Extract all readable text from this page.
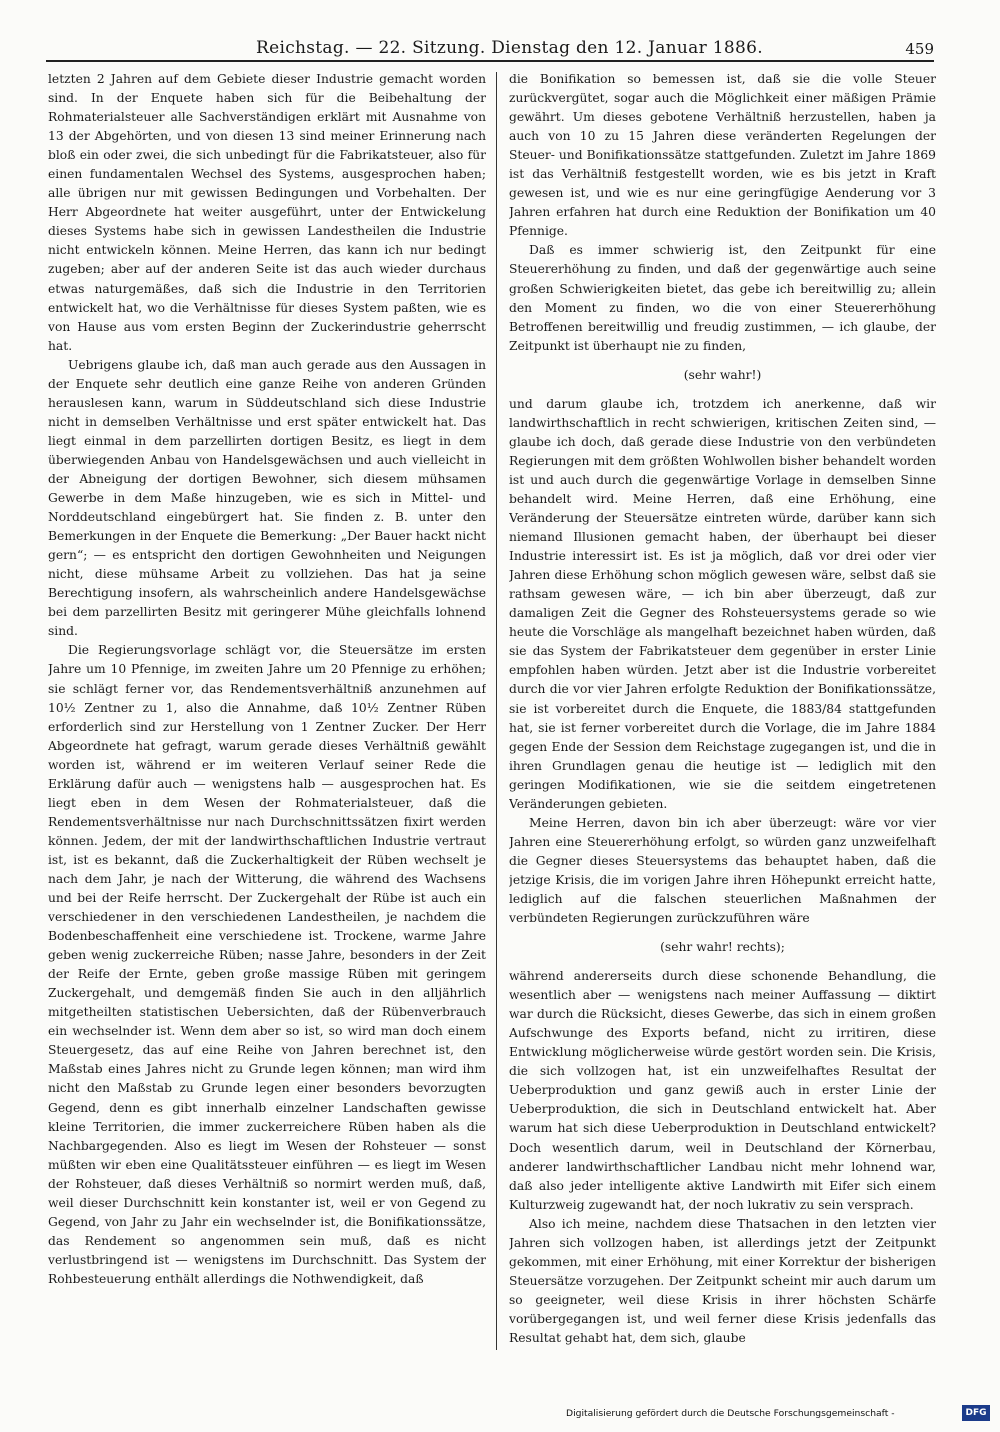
Reichstag. — 22. Sitzung. Dienstag den 12. Januar 1886.	459

letzten 2 Jahren auf dem Gebiete dieser Industrie gemacht worden sind. In der Enquete haben sich für die Beibehaltung der Rohmaterialsteuer alle Sachverständigen erklärt mit Ausnahme von 13 der Abgehörten, und von diesen 13 sind meiner Erinnerung nach bloß ein oder zwei, die sich unbedingt für die Fabrikatsteuer, also für einen fundamentalen Wechsel des Systems, ausgesprochen haben; alle übrigen nur mit gewissen Bedingungen und Vorbehalten. Der Herr Abgeordnete hat weiter ausgeführt, unter der Entwickelung dieses Systems habe sich in gewissen Landestheilen die Industrie nicht entwickeln können. Meine Herren, das kann ich nur bedingt zugeben; aber auf der anderen Seite ist das auch wieder durchaus etwas naturgemäßes, daß sich die Industrie in den Territorien entwickelt hat, wo die Verhältnisse für dieses System paßten, wie es von Hause aus vom ersten Beginn der Zuckerindustrie geherrscht hat.

Uebrigens glaube ich, daß man auch gerade aus den Aussagen in der Enquete sehr deutlich eine ganze Reihe von anderen Gründen herauslesen kann, warum in Süddeutschland sich diese Industrie nicht in demselben Verhältnisse und erst später entwickelt hat. Das liegt einmal in dem parzellirten dortigen Besitz, es liegt in dem überwiegenden Anbau von Handelsgewächsen und auch vielleicht in der Abneigung der dortigen Bewohner, sich diesem mühsamen Gewerbe in dem Maße hinzugeben, wie es sich in Mittel- und Norddeutschland eingebürgert hat. Sie finden z. B. unter den Bemerkungen in der Enquete die Bemerkung: „Der Bauer hackt nicht gern“; — es entspricht den dortigen Gewohnheiten und Neigungen nicht, diese mühsame Arbeit zu vollziehen. Das hat ja seine Berechtigung insofern, als wahrscheinlich andere Handelsgewächse bei dem parzellirten Besitz mit geringerer Mühe gleichfalls lohnend sind.

Die Regierungsvorlage schlägt vor, die Steuersätze im ersten Jahre um 10 Pfennige, im zweiten Jahre um 20 Pfennige zu erhöhen; sie schlägt ferner vor, das Rendementsverhältniß anzunehmen auf 10½ Zentner zu 1, also die Annahme, daß 10½ Zentner Rüben erforderlich sind zur Herstellung von 1 Zentner Zucker. Der Herr Abgeordnete hat gefragt, warum gerade dieses Verhältniß gewählt worden ist, während er im weiteren Verlauf seiner Rede die Erklärung dafür auch — wenigstens halb — ausgesprochen hat. Es liegt eben in dem Wesen der Rohmaterialsteuer, daß die Rendementsverhältnisse nur nach Durchschnittssätzen fixirt werden können. Jedem, der mit der landwirthschaftlichen Industrie vertraut ist, ist es bekannt, daß die Zuckerhaltigkeit der Rüben wechselt je nach dem Jahr, je nach der Witterung, die während des Wachsens und bei der Reife herrscht. Der Zuckergehalt der Rübe ist auch ein verschiedener in den verschiedenen Landestheilen, je nachdem die Bodenbeschaffenheit eine verschiedene ist. Trockene, warme Jahre geben wenig zuckerreiche Rüben; nasse Jahre, besonders in der Zeit der Reife der Ernte, geben große massige Rüben mit geringem Zuckergehalt, und demgemäß finden Sie auch in den alljährlich mitgetheilten statistischen Uebersichten, daß der Rübenverbrauch ein wechselnder ist. Wenn dem aber so ist, so wird man doch einem Steuergesetz, das auf eine Reihe von Jahren berechnet ist, den Maßstab eines Jahres nicht zu Grunde legen können; man wird ihm nicht den Maßstab zu Grunde legen einer besonders bevorzugten Gegend, denn es gibt innerhalb einzelner Landschaften gewisse kleine Territorien, die immer zuckerreichere Rüben haben als die Nachbargegenden. Also es liegt im Wesen der Rohsteuer — sonst müßten wir eben eine Qualitätssteuer einführen — es liegt im Wesen der Rohsteuer, daß dieses Verhältniß so normirt werden muß, daß, weil dieser Durchschnitt kein konstanter ist, weil er von Gegend zu Gegend, von Jahr zu Jahr ein wechselnder ist, die Bonifikationssätze, das Rendement so angenommen sein muß, daß es nicht verlustbringend ist — wenigstens im Durchschnitt. Das System der Rohbesteuerung enthält allerdings die Nothwendigkeit, daß

die Bonifikation so bemessen ist, daß sie die volle Steuer zurückvergütet, sogar auch die Möglichkeit einer mäßigen Prämie gewährt. Um dieses gebotene Verhältniß herzustellen, haben ja auch von 10 zu 15 Jahren diese veränderten Regelungen der Steuer- und Bonifikationssätze stattgefunden. Zuletzt im Jahre 1869 ist das Verhältniß festgestellt worden, wie es bis jetzt in Kraft gewesen ist, und wie es nur eine geringfügige Aenderung vor 3 Jahren erfahren hat durch eine Reduktion der Bonifikation um 40 Pfennige.

Daß es immer schwierig ist, den Zeitpunkt für eine Steuererhöhung zu finden, und daß der gegenwärtige auch seine großen Schwierigkeiten bietet, das gebe ich bereitwillig zu; allein den Moment zu finden, wo die von einer Steuererhöhung Betroffenen bereitwillig und freudig zustimmen, — ich glaube, der Zeitpunkt ist überhaupt nie zu finden,

(sehr wahr!)

und darum glaube ich, trotzdem ich anerkenne, daß wir landwirthschaftlich in recht schwierigen, kritischen Zeiten sind, — glaube ich doch, daß gerade diese Industrie von den verbündeten Regierungen mit dem größten Wohlwollen bisher behandelt worden ist und auch durch die gegenwärtige Vorlage in demselben Sinne behandelt wird. Meine Herren, daß eine Erhöhung, eine Veränderung der Steuersätze eintreten würde, darüber kann sich niemand Illusionen gemacht haben, der überhaupt bei dieser Industrie interessirt ist. Es ist ja möglich, daß vor drei oder vier Jahren diese Erhöhung schon möglich gewesen wäre, selbst daß sie rathsam gewesen wäre, — ich bin aber überzeugt, daß zur damaligen Zeit die Gegner des Rohsteuersystems gerade so wie heute die Vorschläge als mangelhaft bezeichnet haben würden, daß sie das System der Fabrikatsteuer dem gegenüber in erster Linie empfohlen haben würden. Jetzt aber ist die Industrie vorbereitet durch die vor vier Jahren erfolgte Reduktion der Bonifikationssätze, sie ist vorbereitet durch die Enquete, die 1883/84 stattgefunden hat, sie ist ferner vorbereitet durch die Vorlage, die im Jahre 1884 gegen Ende der Session dem Reichstage zugegangen ist, und die in ihren Grundlagen genau die heutige ist — lediglich mit den geringen Modifikationen, wie sie die seitdem eingetretenen Veränderungen gebieten.

Meine Herren, davon bin ich aber überzeugt: wäre vor vier Jahren eine Steuererhöhung erfolgt, so würden ganz unzweifelhaft die Gegner dieses Steuersystems das behauptet haben, daß die jetzige Krisis, die im vorigen Jahre ihren Höhepunkt erreicht hatte, lediglich auf die falschen steuerlichen Maßnahmen der verbündeten Regierungen zurückzuführen wäre

(sehr wahr! rechts);

während andererseits durch diese schonende Behandlung, die wesentlich aber — wenigstens nach meiner Auffassung — diktirt war durch die Rücksicht, dieses Gewerbe, das sich in einem großen Aufschwunge des Exports befand, nicht zu irritiren, diese Entwicklung möglicherweise würde gestört worden sein. Die Krisis, die sich vollzogen hat, ist ein unzweifelhaftes Resultat der Ueberproduktion und ganz gewiß auch in erster Linie der Ueberproduktion, die sich in Deutschland entwickelt hat. Aber warum hat sich diese Ueberproduktion in Deutschland entwickelt? Doch wesentlich darum, weil in Deutschland der Körnerbau, anderer landwirthschaftlicher Landbau nicht mehr lohnend war, daß also jeder intelligente aktive Landwirth mit Eifer sich einem Kulturzweig zugewandt hat, der noch lukrativ zu sein versprach.

Also ich meine, nachdem diese Thatsachen in den letzten vier Jahren sich vollzogen haben, ist allerdings jetzt der Zeitpunkt gekommen, mit einer Erhöhung, mit einer Korrektur der bisherigen Steuersätze vorzugehen. Der Zeitpunkt scheint mir auch darum um so geeigneter, weil diese Krisis in ihrer höchsten Schärfe vorübergegangen ist, und weil ferner diese Krisis jedenfalls das Resultat gehabt hat, dem sich, glaube

Digitalisierung gefördert durch die Deutsche Forschungsgemeinschaft -	DFG
